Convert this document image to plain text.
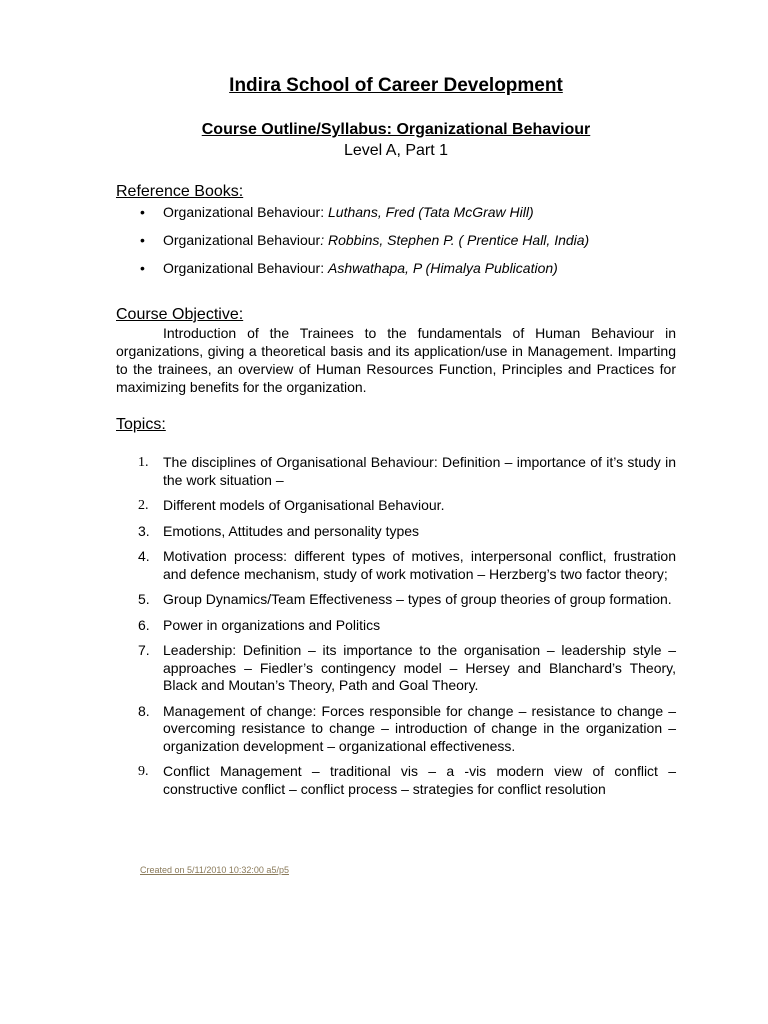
Indira School of Career Development
Course Outline/Syllabus: Organizational Behaviour
Level A, Part 1
Reference Books:
• Organizational Behaviour: Luthans, Fred (Tata McGraw Hill)
• Organizational Behaviour: Robbins, Stephen P. ( Prentice Hall, India)
• Organizational Behaviour: Ashwathapa, P (Himalya Publication)
Course Objective:

Introduction of the Trainees to the fundamentals of Human Behaviour in organizations, giving a theoretical basis and its application/use in Management. Imparting to the trainees, an overview of Human Resources Function, Principles and Practices for maximizing benefits for the organization.

Topics:
1. The disciplines of Organisational Behaviour: Definition – importance of it’s study in the work situation –
2. Different models of Organisational Behaviour.
3. Emotions, Attitudes and personality types
4. Motivation process: different types of motives, interpersonal conflict, frustration and defence mechanism, study of work motivation – Herzberg’s two factor theory;
5. Group Dynamics/Team Effectiveness – types of group theories of group formation.
6. Power in organizations and Politics
7. Leadership: Definition – its importance to the organisation – leadership style – approaches – Fiedler’s contingency model – Hersey and Blanchard’s Theory, Black and Moutan’s Theory, Path and Goal Theory.
8. Management of change: Forces responsible for change – resistance to change – overcoming resistance to change – introduction of change in the organization – organization development – organizational effectiveness.
9. Conflict Management – traditional vis – a -vis modern view of conflict – constructive conflict – conflict process – strategies for conflict resolution
Created on 5/11/2010 10:32:00 a5/p5
